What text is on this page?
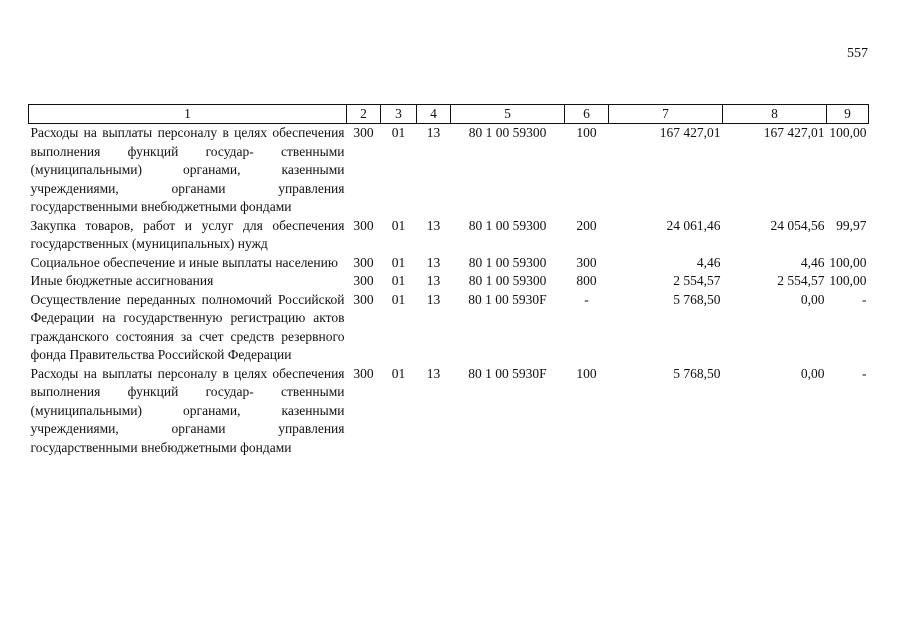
557
1	2	3	4	5	6	7	8	9
Расходы на выплаты персоналу в целях обеспечения выполнения функций государ- ственными (муниципальными) органами, казенными учреждениями, органами управления государственными внебюджетными фондами	300	01	13	80 1 00 59300	100	167 427,01	167 427,01	100,00
Закупка товаров, работ и услуг для обеспечения государственных (муниципальных) нужд	300	01	13	80 1 00 59300	200	24 061,46	24 054,56	99,97
Социальное обеспечение и иные выплаты населению	300	01	13	80 1 00 59300	300	4,46	4,46	100,00
Иные бюджетные ассигнования	300	01	13	80 1 00 59300	800	2 554,57	2 554,57	100,00
Осуществление переданных полномочий Российской Федерации на государственную регистрацию актов гражданского состояния за счет средств резервного фонда Правительства Российской Федерации	300	01	13	80 1 00 5930F	-	5 768,50	0,00	-
Расходы на выплаты персоналу в целях обеспечения выполнения функций государ- ственными (муниципальными) органами, казенными учреждениями, органами управления государственными внебюджетными фондами	300	01	13	80 1 00 5930F	100	5 768,50	0,00	-
